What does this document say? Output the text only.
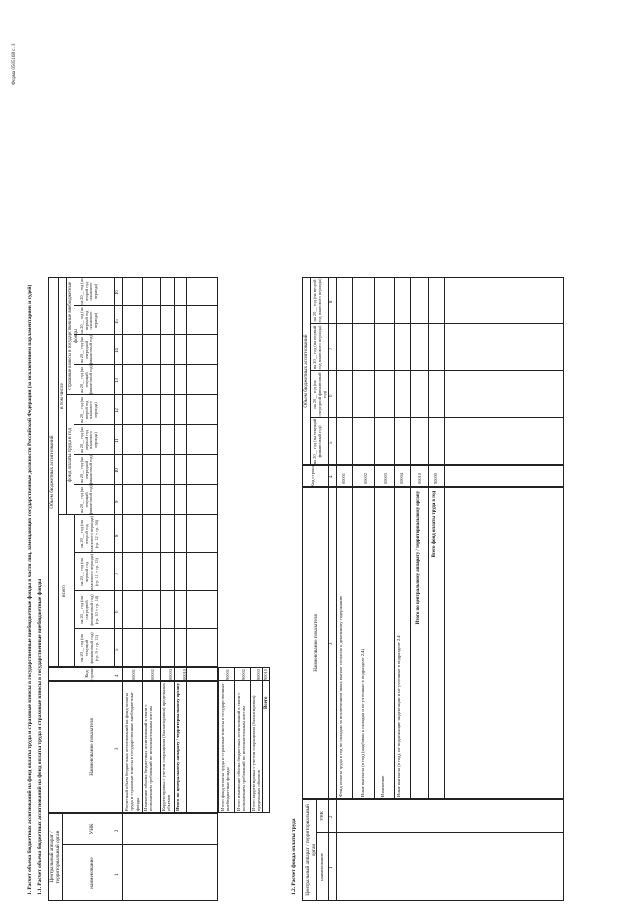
Форма 0505168 с. 3
1. Расчет объема бюджетных ассигнований на фонд оплаты труда и страховые взносы в государственные внебюджетные фонды в части лиц, замещающих государственные должности Российской Федерации (за исключением парламентариев и судей) 1.1. Расчет объема бюджетных ассигнований на фонд оплаты труда и страховые взносы в государственные внебюджетные фонды Центральный аппарат / территориальный орган	наименование
УНК
Наименование показателя
Код строки
Объем бюджетных ассигнований
всего
в том числе
фонд оплаты труда в год
страховые взносы в государственные внебюджетные фонды
на 20__ год (на текущий финансовый год) (гр. 9 + гр. 13)
на 20__ год (на очередной финансовый год) (гр. 10 + гр. 14)
на 20__ год (на первый год планового периода) (гр. 11 + гр. 15)
на 20__ год (на второй год планового периода) (гр. 12 + гр. 16)
на 20__ год (на текущий финансовый год)
на 20__ год (на очередной финансовый год)
на 20__ год (на первый год планового периода)
на 20__ год (на второй год планового периода)
на 20__ год (на текущий финансовый год)
на 20__ год (на очередной финансовый год)
на 20__ год (на первый год планового периода)
на 20__ год (на второй год планового периода)
1
2
3
4
5
6
7
8
9
10
11
12
13
14
15
16
Расчетный объем бюджетных ассигнований на фонд оплаты труда и страховые взносы в государственные внебюджетные фонды
00001
Изменение объема бюджетных ассигнований в связи с исполнением требований по исполнительным листам
00002
Корректировка с учетом сокращения (балансировки) предельных объемов
00003
Итого по центральному аппарату / территориальному органу
00010
Итого фонд оплаты труда и страховые взносы в государственные внебюджетные фонды
90001
Итого изменение объема бюджетных ассигнований в связи с исполнением требований по исполнительным листам
90002
Итого корректировка с учетом сокращения (балансировки) предельных объемов
90003
Всего
90010
1.2. Расчет фонда оплаты труда Центральный аппарат / территориальный орган
наименование
УНК
Наименование показателя
Код строки
Объем бюджетных ассигнований
на 20__ год (на текущий финансовый год)
на 20__ год (на очередной финансовый год)
на 20__ год (на первый год планового периода)
на 20__ год (на второй год планового периода)
1
2
3
4
5
6
7
8
Фонд оплаты труда в год по окладам за исключением иных выплат согласно к денежному содержанию
00001
Иные выплаты (в год) (надбавки к окладам и не учтенные в подразделе 2.4)
00002
Изменение
00003
Иные выплаты (в год), не подлежащие индексации и не учтенные в подразделе 2.4
00004
Итого по центральному аппарату / территориальному органу
00010
Всего фонд оплаты труда в год
90000
